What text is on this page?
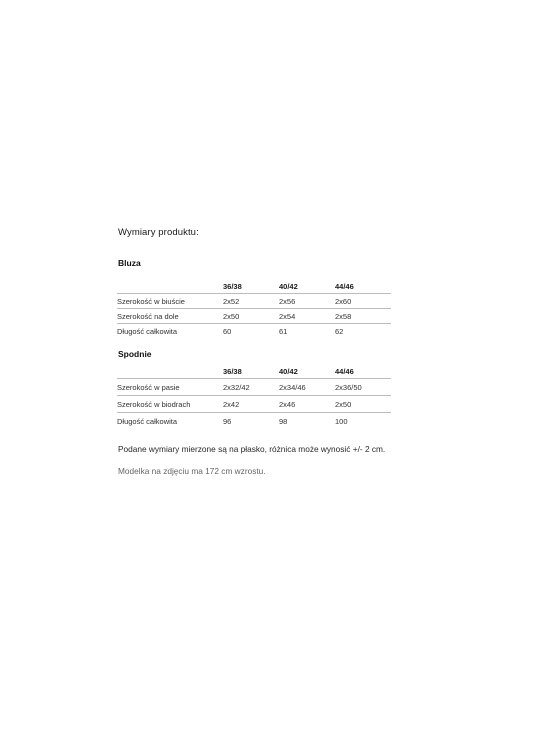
Wymiary produktu:
Bluza
	36/38	40/42	44/46
Szerokość w biuście	2x52	2x56	2x60
Szerokość na dole	2x50	2x54	2x58
Długość całkowita	60	61	62
Spodnie
	36/38	40/42	44/46
Szerokość w pasie	2x32/42	2x34/46	2x36/50
Szerokość w biodrach	2x42	2x46	2x50
Długość całkowita	96	98	100
Podane wymiary mierzone są na płasko, różnica może wynosić +/- 2 cm.
Modelka na zdjęciu ma 172 cm wzrostu.
